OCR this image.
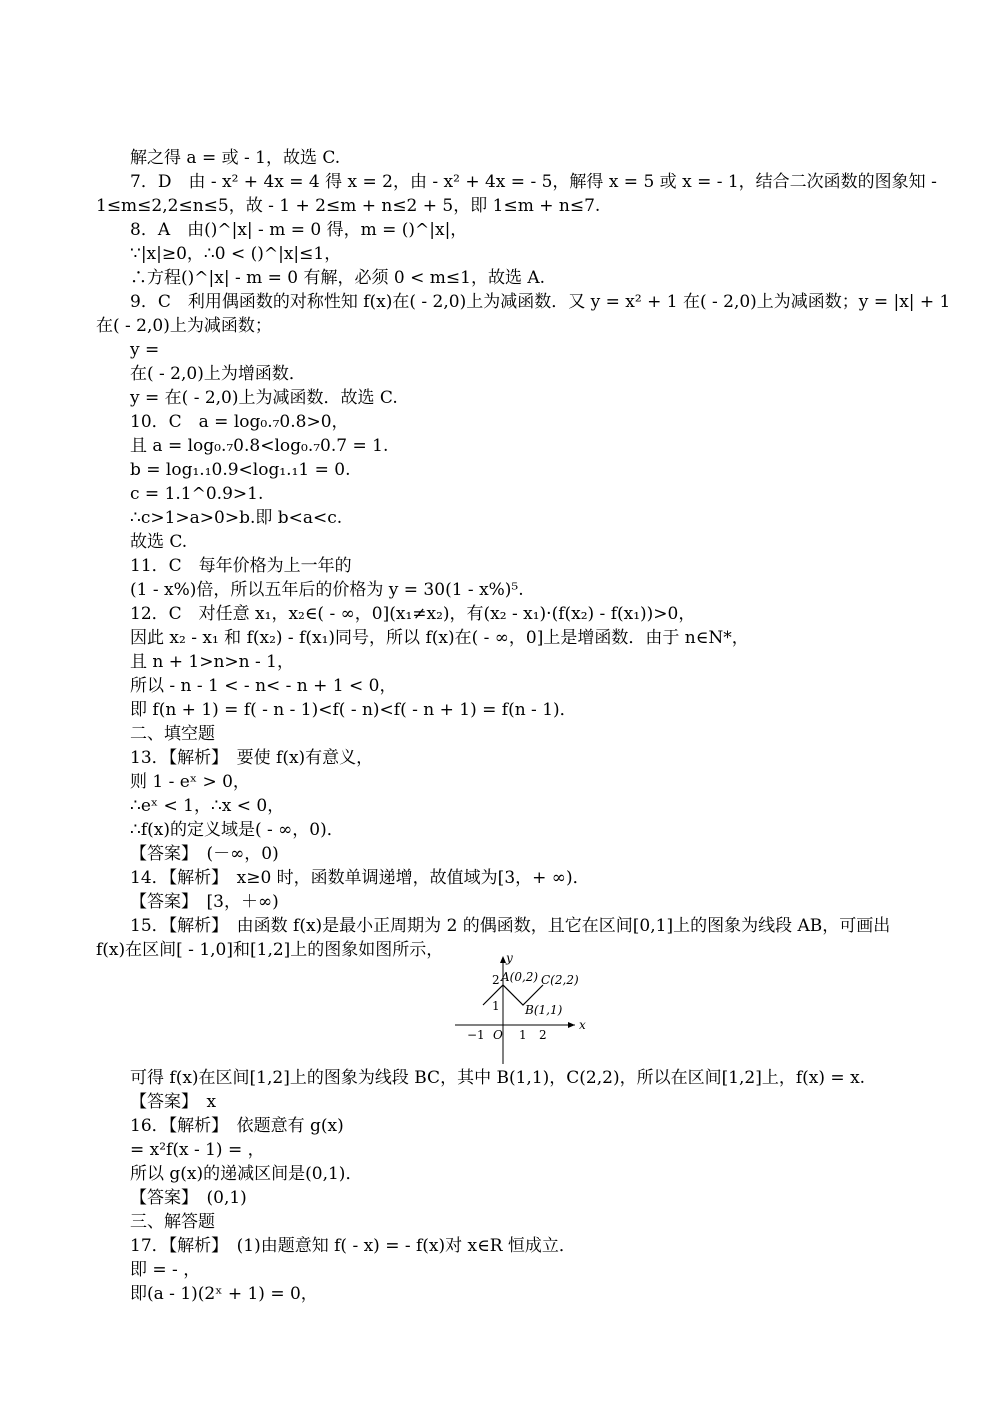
解之得 a = 或 - 1，故选 C.
7．D　由 - x² + 4x = 4 得 x = 2，由 - x² + 4x = - 5，解得 x = 5 或 x = - 1，结合二次函数的图象知 -
1≤m≤2,2≤n≤5，故 - 1 + 2≤m + n≤2 + 5，即 1≤m + n≤7.
8．A　由()^|x| - m = 0 得，m = ()^|x|，
∵|x|≥0，∴0 < ()^|x|≤1，
∴方程()^|x| - m = 0 有解，必须 0 < m≤1，故选 A.
9．C　利用偶函数的对称性知 f(x)在( - 2,0)上为减函数．又 y = x² + 1 在( - 2,0)上为减函数；y = |x| + 1
在( - 2,0)上为减函数；
y =
在( - 2,0)上为增函数．
y = 在( - 2,0)上为减函数．故选 C.
10．C　a = log₀.₇0.8>0，
且 a = log₀.₇0.8<log₀.₇0.7 = 1.
b = log₁.₁0.9<log₁.₁1 = 0.
c = 1.1^0.9>1.
∴c>1>a>0>b.即 b<a<c.
故选 C.
11．C　每年价格为上一年的
(1 - x%)倍，所以五年后的价格为 y = 30(1 - x%)⁵.
12．C　对任意 x₁，x₂∈( - ∞，0](x₁≠x₂)，有(x₂ - x₁)·(f(x₂) - f(x₁))>0，
因此 x₂ - x₁ 和 f(x₂) - f(x₁)同号，所以 f(x)在( - ∞，0]上是增函数．由于 n∈N*，
且 n + 1>n>n - 1，
所以 - n - 1 < - n< - n + 1 < 0，
即 f(n + 1) = f( - n - 1)<f( - n)<f( - n + 1) = f(n - 1)．
二、填空题
13．【解析】　要使 f(x)有意义，
则 1 - eˣ > 0，
∴eˣ < 1，∴x < 0，
∴f(x)的定义域是( - ∞，0)．
【答案】　(－∞，0)
14．【解析】　x≥0 时，函数单调递增，故值域为[3，+ ∞)．
【答案】　[3，＋∞)
15．【解析】　由函数 f(x)是最小正周期为 2 的偶函数，且它在区间[0,1]上的图象为线段 AB，可画出
f(x)在区间[ - 1,0]和[1,2]上的图象如图所示，
x
y
O
−1	1 2
1
2 A(0,2)
B(1,1)
C(2,2)
可得 f(x)在区间[1,2]上的图象为线段 BC，其中 B(1,1)，C(2,2)，所以在区间[1,2]上，f(x) = x.
【答案】　x
16．【解析】　依题意有 g(x)
= x²f(x - 1) = ，
所以 g(x)的递减区间是(0,1)．
【答案】　(0,1)
三、解答题
17．【解析】　(1)由题意知 f( - x) = - f(x)对 x∈R 恒成立．
即 = - ，
即(a - 1)(2ˣ + 1) = 0，
